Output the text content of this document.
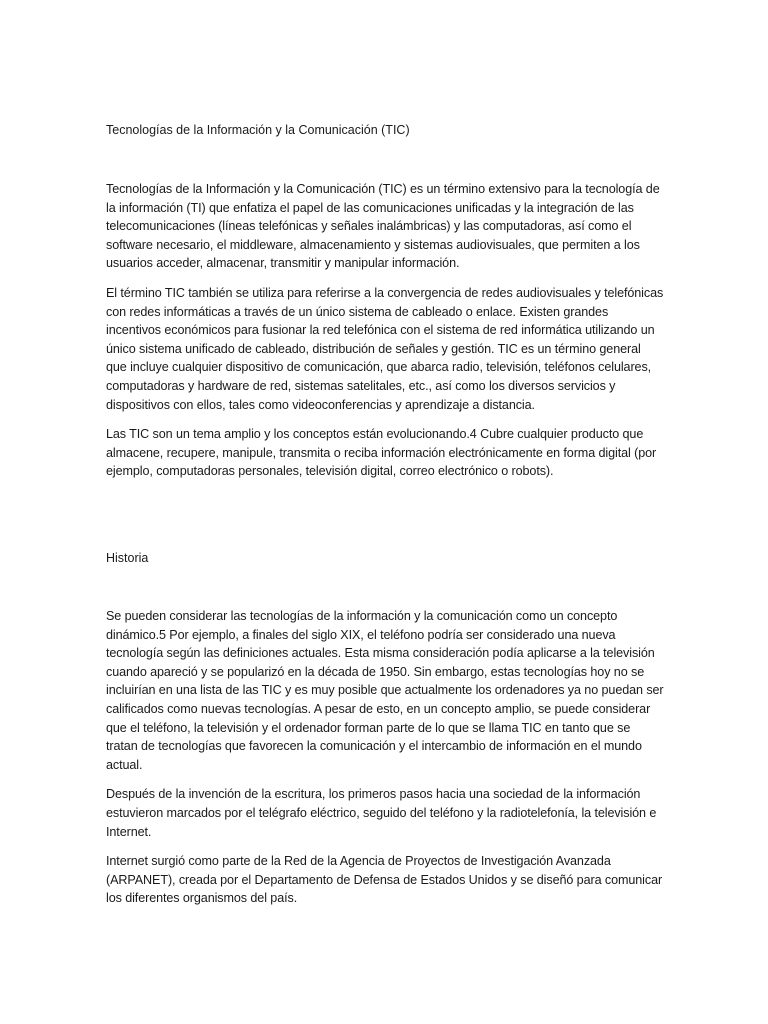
Tecnologías de la Información y la Comunicación (TIC)

Tecnologías de la Información y la Comunicación (TIC) es un término extensivo para la tecnología de la información (TI) que enfatiza el papel de las comunicaciones unificadas y la integración de las telecomunicaciones (líneas telefónicas y señales inalámbricas) y las computadoras, así como el software necesario, el middleware, almacenamiento y sistemas audiovisuales, que permiten a los usuarios acceder, almacenar, transmitir y manipular información.

El término TIC también se utiliza para referirse a la convergencia de redes audiovisuales y telefónicas con redes informáticas a través de un único sistema de cableado o enlace. Existen grandes incentivos económicos para fusionar la red telefónica con el sistema de red informática utilizando un único sistema unificado de cableado, distribución de señales y gestión. TIC es un término general que incluye cualquier dispositivo de comunicación, que abarca radio, televisión, teléfonos celulares, computadoras y hardware de red, sistemas satelitales, etc., así como los diversos servicios y dispositivos con ellos, tales como videoconferencias y aprendizaje a distancia.

Las TIC son un tema amplio y los conceptos están evolucionando.4 Cubre cualquier producto que almacene, recupere, manipule, transmita o reciba información electrónicamente en forma digital (por ejemplo, computadoras personales, televisión digital, correo electrónico o robots).

Historia

Se pueden considerar las tecnologías de la información y la comunicación como un concepto dinámico.5 Por ejemplo, a finales del siglo XIX, el teléfono podría ser considerado una nueva tecnología según las definiciones actuales. Esta misma consideración podía aplicarse a la televisión cuando apareció y se popularizó en la década de 1950. Sin embargo, estas tecnologías hoy no se incluirían en una lista de las TIC y es muy posible que actualmente los ordenadores ya no puedan ser calificados como nuevas tecnologías. A pesar de esto, en un concepto amplio, se puede considerar que el teléfono, la televisión y el ordenador forman parte de lo que se llama TIC en tanto que se tratan de tecnologías que favorecen la comunicación y el intercambio de información en el mundo actual.

Después de la invención de la escritura, los primeros pasos hacia una sociedad de la información estuvieron marcados por el telégrafo eléctrico, seguido del teléfono y la radiotelefonía, la televisión e Internet.

Internet surgió como parte de la Red de la Agencia de Proyectos de Investigación Avanzada (ARPANET), creada por el Departamento de Defensa de Estados Unidos y se diseñó para comunicar los diferentes organismos del país.
